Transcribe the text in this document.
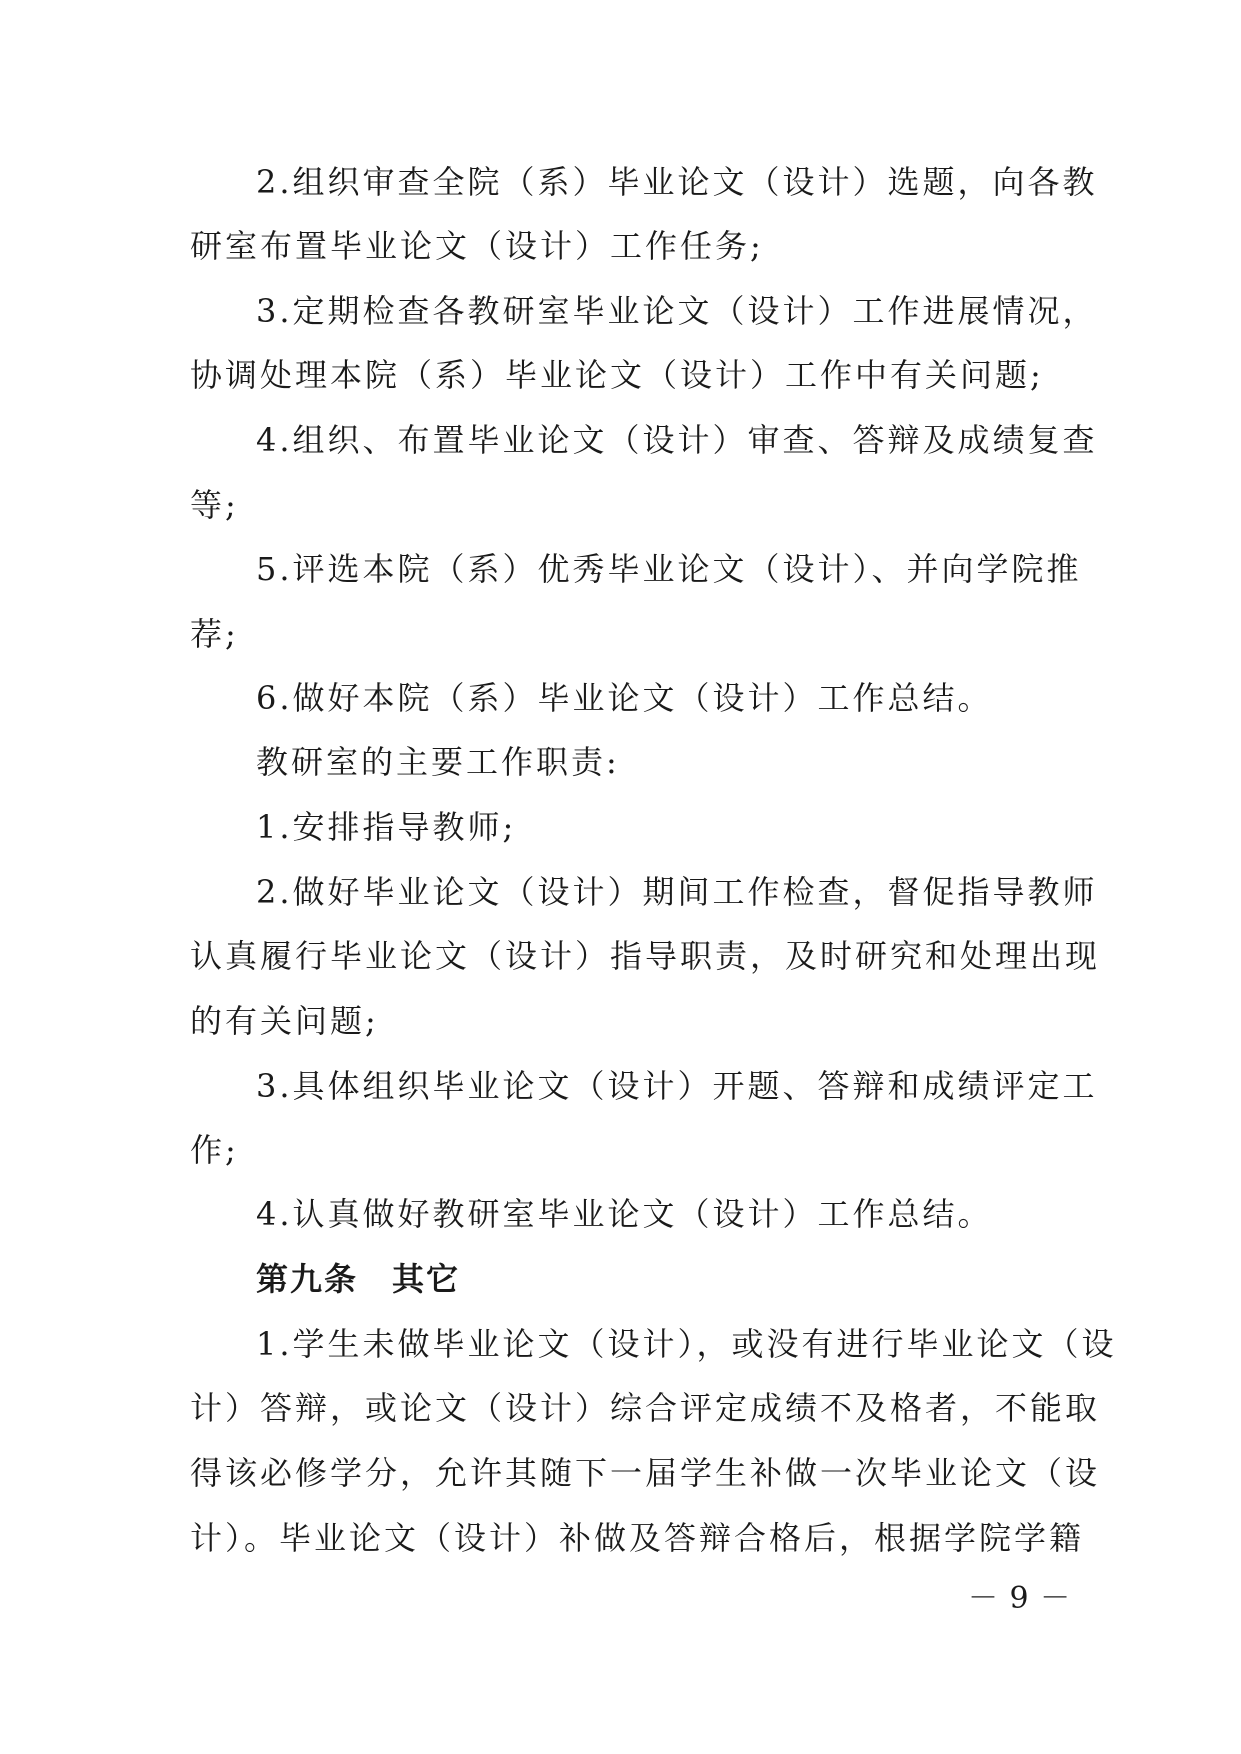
2.组织审查全院（系）毕业论文（设计）选题，向各教
研室布置毕业论文（设计）工作任务;
3.定期检查各教研室毕业论文（设计）工作进展情况，
协调处理本院（系）毕业论文（设计）工作中有关问题;
4.组织、布置毕业论文（设计）审查、答辩及成绩复查
等;
5.评选本院（系）优秀毕业论文（设计）、并向学院推
荐;
6.做好本院（系）毕业论文（设计）工作总结。
教研室的主要工作职责:
1.安排指导教师;
2.做好毕业论文（设计）期间工作检查，督促指导教师
认真履行毕业论文（设计）指导职责，及时研究和处理出现
的有关问题;
3.具体组织毕业论文（设计）开题、答辩和成绩评定工
作;
4.认真做好教研室毕业论文（设计）工作总结。
第九条　其它
1.学生未做毕业论文（设计），或没有进行毕业论文（设
计）答辩，或论文（设计）综合评定成绩不及格者，不能取
得该必修学分，允许其随下一届学生补做一次毕业论文（设
计）。毕业论文（设计）补做及答辩合格后，根据学院学籍
－ 9 －
